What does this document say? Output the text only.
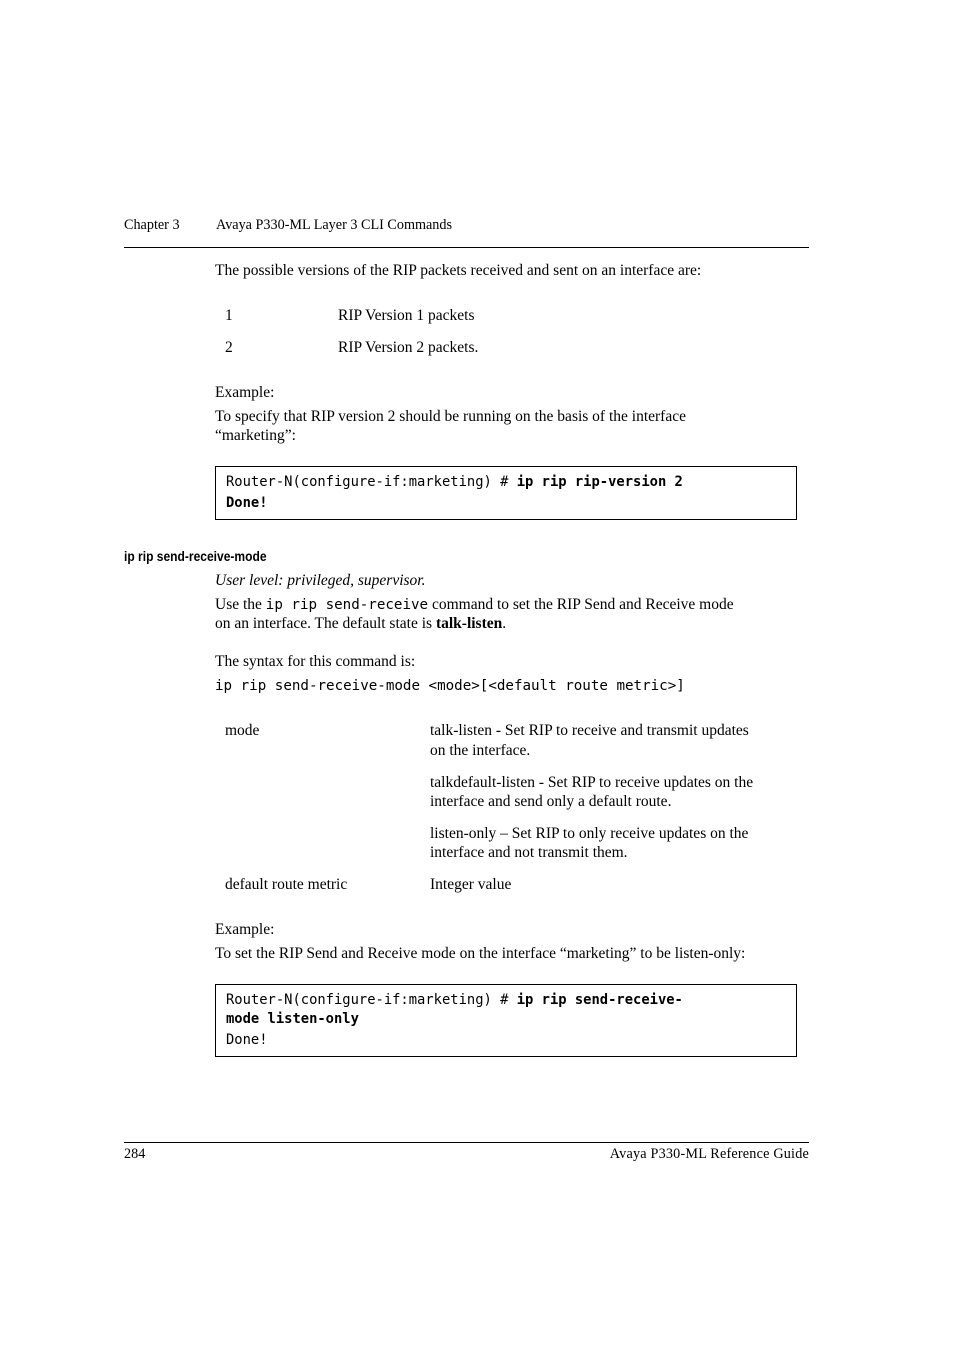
Chapter 3	Avaya P330-ML Layer 3 CLI Commands
The possible versions of the RIP packets received and sent on an interface are:
1	RIP Version 1 packets
2	RIP Version 2 packets.
Example:
To specify that RIP version 2 should be running on the basis of the interface
“marketing”:
Router-N(configure-if:marketing) # ip rip rip-version 2
Done!
ip rip send-receive-mode
User level: privileged, supervisor.
Use the ip rip send-receive command to set the RIP Send and Receive mode
on an interface. The default state is talk-listen.
The syntax for this command is:
ip rip send-receive-mode <mode>[<default route metric>]
mode	talk-listen - Set RIP to receive and transmit updates
on the interface.
talkdefault-listen - Set RIP to receive updates on the
interface and send only a default route.
listen-only – Set RIP to only receive updates on the
interface and not transmit them.
default route metric	Integer value
Example:
To set the RIP Send and Receive mode on the interface “marketing” to be listen-only:
Router-N(configure-if:marketing) # ip rip send-receive-
mode listen-only
Done!
284	Avaya P330-ML Reference Guide
